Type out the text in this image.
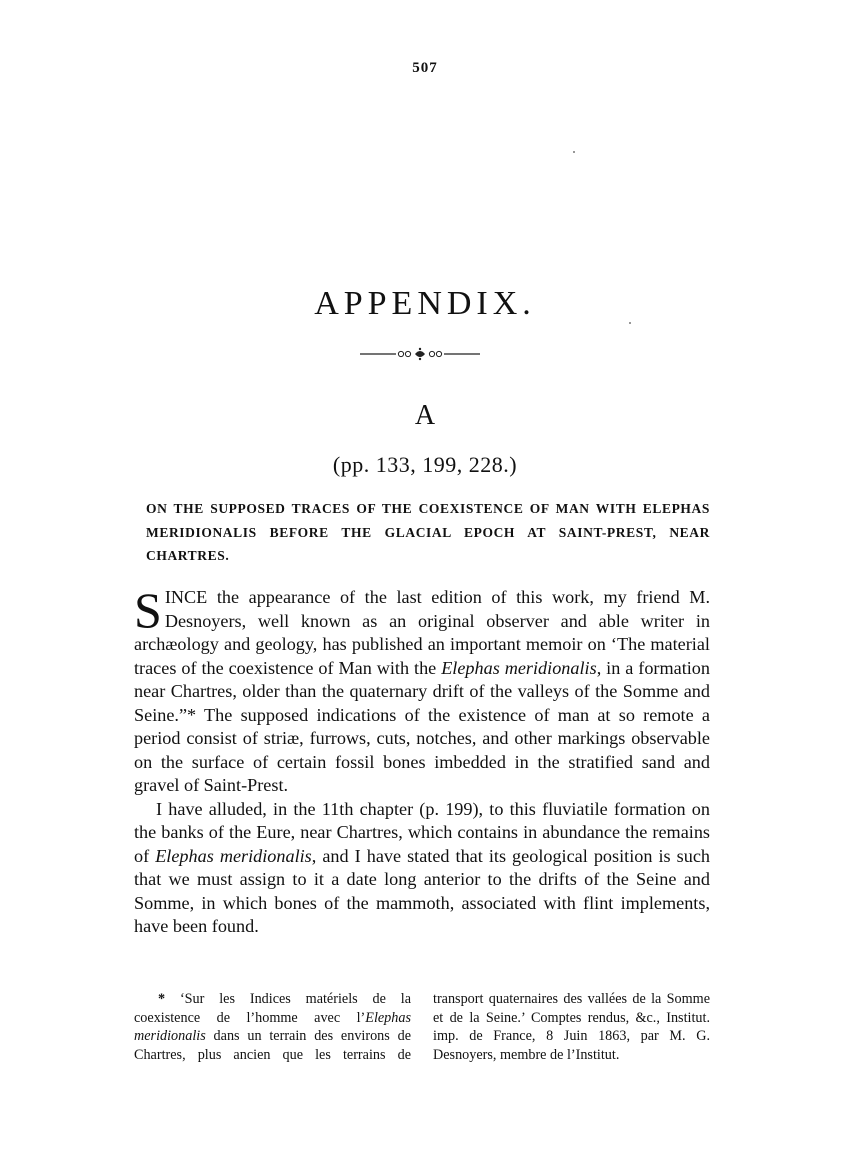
507
APPENDIX.
A
(pp. 133, 199, 228.)
ON THE SUPPOSED TRACES OF THE COEXISTENCE OF MAN WITH ELEPHAS MERIDIONALIS BEFORE THE GLACIAL EPOCH AT SAINT-PREST, NEAR CHARTRES.

SINCE the appearance of the last edition of this work, my friend M. Desnoyers, well known as an original observer and able writer in archæology and geology, has published an important memoir on ‘The material traces of the coexistence of Man with the Elephas meridionalis, in a formation near Chartres, older than the quaternary drift of the valleys of the Somme and Seine.”* The supposed indications of the existence of man at so remote a period consist of striæ, furrows, cuts, notches, and other markings observable on the surface of certain fossil bones imbedded in the stratified sand and gravel of Saint-Prest.

I have alluded, in the 11th chapter (p. 199), to this fluviatile formation on the banks of the Eure, near Chartres, which contains in abundance the remains of Elephas meridionalis, and I have stated that its geological position is such that we must assign to it a date long anterior to the drifts of the Seine and Somme, in which bones of the mammoth, associated with flint implements, have been found.

* ‘Sur les Indices matériels de la coexistence de l’homme avec l’Elephas meridionalis dans un terrain des environs de Chartres, plus ancien que les terrains de transport quaternaires des vallées de la Somme et de la Seine.’ Comptes rendus, &c., Institut. imp. de France, 8 Juin 1863, par M. G. Desnoyers, membre de l’Institut.
